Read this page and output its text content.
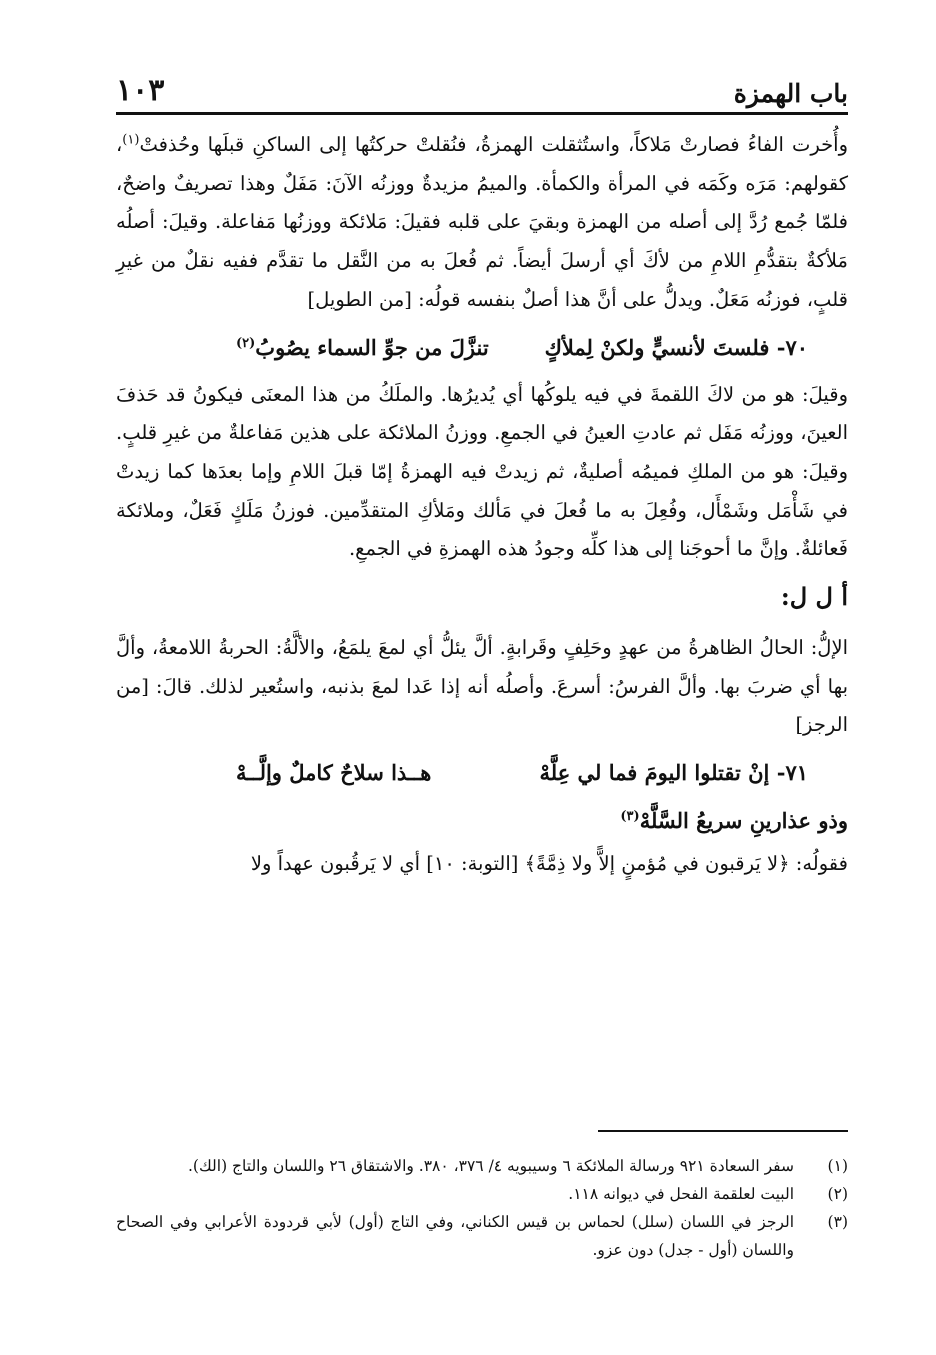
باب الهمزة
١٠٣

وأُخرت الفاءُ فصارتْ مَلاكاً، واستُثقلت الهمزةُ، فنُقلتْ حركتُها إلى الساكنِ قبلَها وحُذفتْ$^{(١)}$، كقولهم: مَرَه وكَمَه في المرأة والكمأة. والميمُ مزيدةٌ ووزنُه الآنَ: مَفَلٌ وهذا تصريفٌ واضحٌ، فلمّا جُمع رُدَّ إلى أصله من الهمزة وبقيَ على قلبه فقيلَ: مَلائكة ووزنُها مَفاعلة. وقيلَ: أصلُه مَلأكةٌ بتقدُّمِ اللامِ من لأكَ أي أرسلَ أيضاً. ثم فُعلَ به من النَّقل ما تقدَّم ففيه نقلٌ من غيرِ قلبٍ، فوزنُه مَعَلٌ. ويدلُّ على أنَّ هذا أصلٌ بنفسه قولُه: [من الطويل]

٧٠- فلستَ لأنسيٍّ ولكنْ لِملأكٍ
تنزَّلَ من جوِّ السماء يصُوبُ$^{(٢)}$

وقيلَ: هو من لاكَ اللقمةَ في فيه يلوكُها أي يُديرُها. والملَكُ من هذا المعنَى فيكونُ قد حَذفَ العينَ، ووزنُه مَفَل ثم عادتِ العينُ في الجمعِ. ووزنُ الملائكة على هذين مَفاعلةٌ من غيرِ قلبٍ. وقيلَ: هو من الملكِ فميمُه أصليةٌ، ثم زيدتْ فيه الهمزةُ إمّا قبلَ اللامِ وإما بعدَها كما زيدتْ في شَأْمَل وشَمْأَل، وفُعِلَ به ما فُعلَ في مَألك ومَلأكِ المتقدِّمين. فوزنُ مَلَكٍ فَعَلٌ، وملائكة فَعائلةٌ. وإنَّ ما أحوجَنا إلى هذا كلِّه وجودُ هذه الهمزةِ في الجمعِ.

أ ل ل:

الإلُّ: الحالُ الظاهرةُ من عهدٍ وحَلِفٍ وقَرابةٍ. ألَّ يئلُّ أي لمعَ يلمَعُ، والألَّةُ: الحربةُ اللامعةُ، وألَّ بها أي ضربَ بها. وألَّ الفرسُ: أسرعَ. وأصلُه أنه إذا عَدا لمعَ بذنبه، واستُعير لذلك. قالَ: [من الرجز]

٧١- إنْ تقتلوا اليومَ فما لي عِلَّهْ
هــذا سلاحٌ كاملٌ وإلَّــهْ
وذو عذارينِ سريعُ السَّلَّهْ$^{(٣)}$

فقولُه: ﴿لا يَرقبون في مُؤمنٍ إلاًّ ولا ذِمَّةً﴾ [التوبة: ١٠] أي لا يَرقُبون عهداً ولا

(١)
سفر السعادة ٩٢١ ورسالة الملائكة ٦ وسيبويه ٤/ ٣٧٦، ٣٨٠. والاشتقاق ٢٦ واللسان والتاج (الك).
(٢)
البيت لعلقمة الفحل في ديوانه ١١٨.
(٣)
الرجز في اللسان (سلل) لحماس بن قيس الكناني، وفي التاج (أول) لأبي قردودة الأعرابي وفي الصحاح واللسان (أول - جدل) دون عزو.
